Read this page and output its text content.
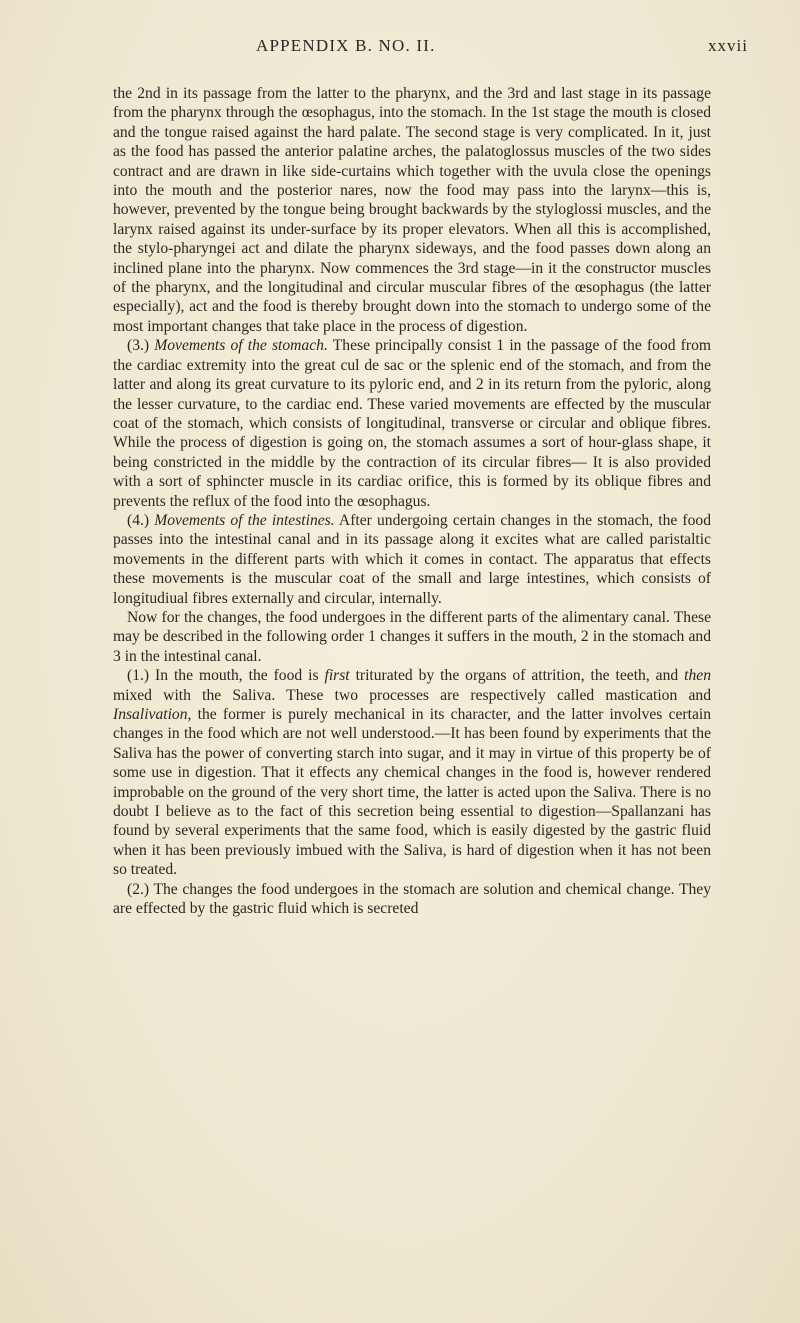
APPENDIX B. NO. II.	xxvii

the 2nd in its passage from the latter to the pharynx, and the 3rd and last stage in its passage from the pharynx through the œsophagus, into the stomach. In the 1st stage the mouth is closed and the tongue raised against the hard palate. The second stage is very complicated. In it, just as the food has passed the anterior palatine arches, the palatoglossus muscles of the two sides contract and are drawn in like side-curtains which together with the uvula close the openings into the mouth and the posterior nares, now the food may pass into the larynx—this is, however, prevented by the tongue being brought backwards by the styloglossi muscles, and the larynx raised against its under-surface by its proper elevators. When all this is accomplished, the stylo-pharyngei act and dilate the pharynx sideways, and the food passes down along an inclined plane into the pharynx. Now commences the 3rd stage—in it the constructor muscles of the pharynx, and the longitudinal and circular muscular fibres of the œsophagus (the latter especially), act and the food is thereby brought down into the stomach to undergo some of the most important changes that take place in the process of digestion.

(3.) Movements of the stomach. These principally consist 1 in the passage of the food from the cardiac extremity into the great cul de sac or the splenic end of the stomach, and from the latter and along its great curvature to its pyloric end, and 2 in its return from the pyloric, along the lesser curvature, to the cardiac end. These varied movements are effected by the muscular coat of the stomach, which consists of longitudinal, transverse or circular and oblique fibres. While the process of digestion is going on, the stomach assumes a sort of hour-glass shape, it being constricted in the middle by the contraction of its circular fibres— It is also provided with a sort of sphincter muscle in its cardiac orifice, this is formed by its oblique fibres and prevents the reflux of the food into the œsophagus.

(4.) Movements of the intestines. After undergoing certain changes in the stomach, the food passes into the intestinal canal and in its passage along it excites what are called paristaltic movements in the different parts with which it comes in contact. The apparatus that effects these movements is the muscular coat of the small and large intestines, which consists of longitudiual fibres externally and circular, internally.

Now for the changes, the food undergoes in the different parts of the alimentary canal. These may be described in the following order 1 changes it suffers in the mouth, 2 in the stomach and 3 in the intestinal canal.

(1.) In the mouth, the food is first triturated by the organs of attrition, the teeth, and then mixed with the Saliva. These two processes are respectively called mastication and Insalivation, the former is purely mechanical in its character, and the latter involves certain changes in the food which are not well understood.—It has been found by experiments that the Saliva has the power of converting starch into sugar, and it may in virtue of this property be of some use in digestion. That it effects any chemical changes in the food is, however rendered improbable on the ground of the very short time, the latter is acted upon the Saliva. There is no doubt I believe as to the fact of this secretion being essential to digestion—Spallanzani has found by several experiments that the same food, which is easily digested by the gastric fluid when it has been previously imbued with the Saliva, is hard of digestion when it has not been so treated.

(2.) The changes the food undergoes in the stomach are solution and chemical change. They are effected by the gastric fluid which is secreted
